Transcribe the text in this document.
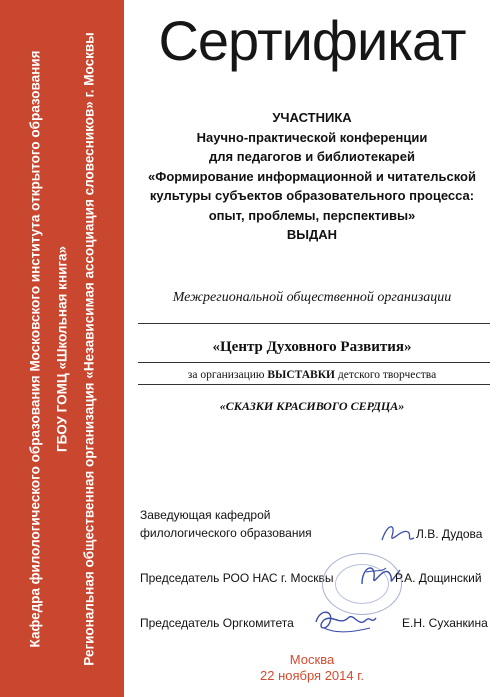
Кафедра филологического образования Московского института открытого образования ГБОУ ГОМЦ «Школьная книга» Региональная общественная организация «Независимая ассоциация словесников» г. Москвы	Сертификат
УЧАСТНИКА
Научно-практической конференции
для педагогов и библиотекарей
«Формирование информационной и читательской
культуры субъектов образовательного процесса:
опыт, проблемы, перспективы»
ВЫДАН
Межрегиональной общественной организации
«Центр Духовного Развития»
за организацию ВЫСТАВКИ детского творчества
«СКАЗКИ КРАСИВОГО СЕРДЦА»
Заведующая кафедрой
филологического образования	Л.В. Дудова
Председатель РОО НАС г. Москвы	Р.А. Дощинский
Председатель Оргкомитета	Е.Н. Суханкина
Москва
22 ноября 2014 г.
